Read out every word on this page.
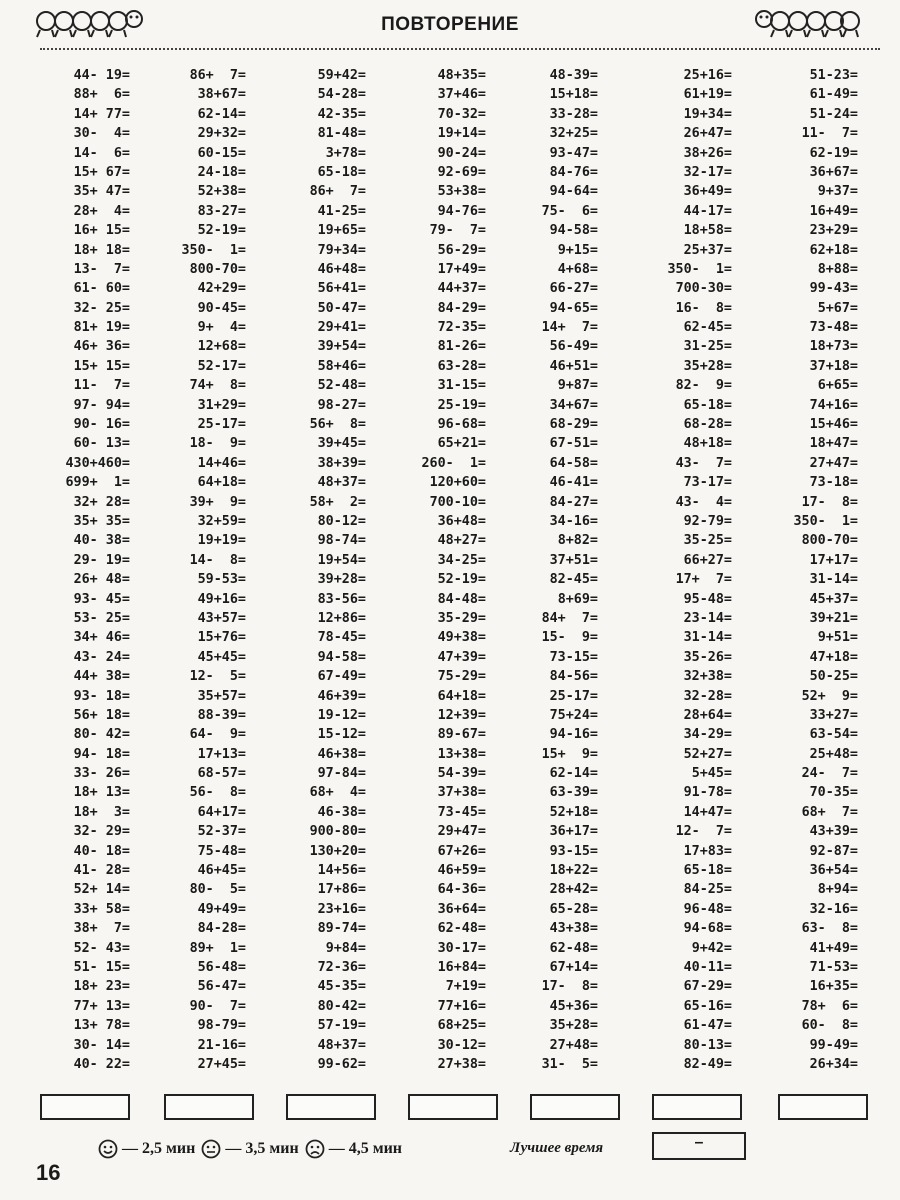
ПОВТОРЕНИЕ
44- 19=
88+  6=
14+ 77=
30-  4=
14-  6=
15+ 67=
35+ 47=
28+  4=
16+ 15=
18+ 18=
13-  7=
61- 60=
32- 25=
81+ 19=
46+ 36=
15+ 15=
11-  7=
97- 94=
90- 16=
60- 13=
430+460=
699+  1=
32+ 28=
35+ 35=
40- 38=
29- 19=
26+ 48=
93- 45=
53- 25=
34+ 46=
43- 24=
44+ 38=
93- 18=
56+ 18=
80- 42=
94- 18=
33- 26=
18+ 13=
18+  3=
32- 29=
40- 18=
41- 28=
52+ 14=
33+ 58=
38+  7=
52- 43=
51- 15=
18+ 23=
77+ 13=
13+ 78=
30- 14=
40- 22=
86+  7=
38+67=
62-14=
29+32=
60-15=
24-18=
52+38=
83-27=
52-19=
350-  1=
800-70=
42+29=
90-45=
9+  4=
12+68=
52-17=
74+  8=
31+29=
25-17=
18-  9=
14+46=
64+18=
39+  9=
32+59=
19+19=
14-  8=
59-53=
49+16=
43+57=
15+76=
45+45=
12-  5=
35+57=
88-39=
64-  9=
17+13=
68-57=
56-  8=
64+17=
52-37=
75-48=
46+45=
80-  5=
49+49=
84-28=
89+  1=
56-48=
56-47=
90-  7=
98-79=
21-16=
27+45=
59+42=
54-28=
42-35=
81-48=
3+78=
65-18=
86+  7=
41-25=
19+65=
79+34=
46+48=
56+41=
50-47=
29+41=
39+54=
58+46=
52-48=
98-27=
56+  8=
39+45=
38+39=
48+37=
58+  2=
80-12=
98-74=
19+54=
39+28=
83-56=
12+86=
78-45=
94-58=
67-49=
46+39=
19-12=
15-12=
46+38=
97-84=
68+  4=
46-38=
900-80=
130+20=
14+56=
17+86=
23+16=
89-74=
9+84=
72-36=
45-35=
80-42=
57-19=
48+37=
99-62=
48+35=
37+46=
70-32=
19+14=
90-24=
92-69=
53+38=
94-76=
79-  7=
56-29=
17+49=
44+37=
84-29=
72-35=
81-26=
63-28=
31-15=
25-19=
96-68=
65+21=
260-  1=
120+60=
700-10=
36+48=
48+27=
34-25=
52-19=
84-48=
35-29=
49+38=
47+39=
75-29=
64+18=
12+39=
89-67=
13+38=
54-39=
37+38=
73-45=
29+47=
67+26=
46+59=
64-36=
36+64=
62-48=
30-17=
16+84=
7+19=
77+16=
68+25=
30-12=
27+38=
48-39=
15+18=
33-28=
32+25=
93-47=
84-76=
94-64=
75-  6=
94-58=
9+15=
4+68=
66-27=
94-65=
14+  7=
56-49=
46+51=
9+87=
34+67=
68-29=
67-51=
64-58=
46-41=
84-27=
34-16=
8+82=
37+51=
82-45=
8+69=
84+  7=
15-  9=
73-15=
84-56=
25-17=
75+24=
94-16=
15+  9=
62-14=
63-39=
52+18=
36+17=
93-15=
18+22=
28+42=
65-28=
43+38=
62-48=
67+14=
17-  8=
45+36=
35+28=
27+48=
31-  5=
25+16=
61+19=
19+34=
26+47=
38+26=
32-17=
36+49=
44-17=
18+58=
25+37=
350-  1=
700-30=
16-  8=
62-45=
31-25=
35+28=
82-  9=
65-18=
68-28=
48+18=
43-  7=
73-17=
43-  4=
92-79=
35-25=
66+27=
17+  7=
95-48=
23-14=
31-14=
35-26=
32+38=
32-28=
28+64=
34-29=
52+27=
5+45=
91-78=
14+47=
12-  7=
17+83=
65-18=
84-25=
96-48=
94-68=
9+42=
40-11=
67-29=
65-16=
61-47=
80-13=
82-49=
51-23=
61-49=
51-24=
11-  7=
62-19=
36+67=
9+37=
16+49=
23+29=
62+18=
8+88=
99-43=
5+67=
73-48=
18+73=
37+18=
6+65=
74+16=
15+46=
18+47=
27+47=
73-18=
17-  8=
350-  1=
800-70=
17+17=
31-14=
45+37=
39+21=
9+51=
47+18=
50-25=
52+  9=
33+27=
63-54=
25+48=
24-  7=
70-35=
68+  7=
43+39=
92-87=
36+54=
8+94=
32-16=
63-  8=
41+49=
71-53=
16+35=
78+  6=
60-  8=
99-49=
26+34=
— 2,5 мин — 3,5 мин — 4,5 мин	Лучшее время	–
16
